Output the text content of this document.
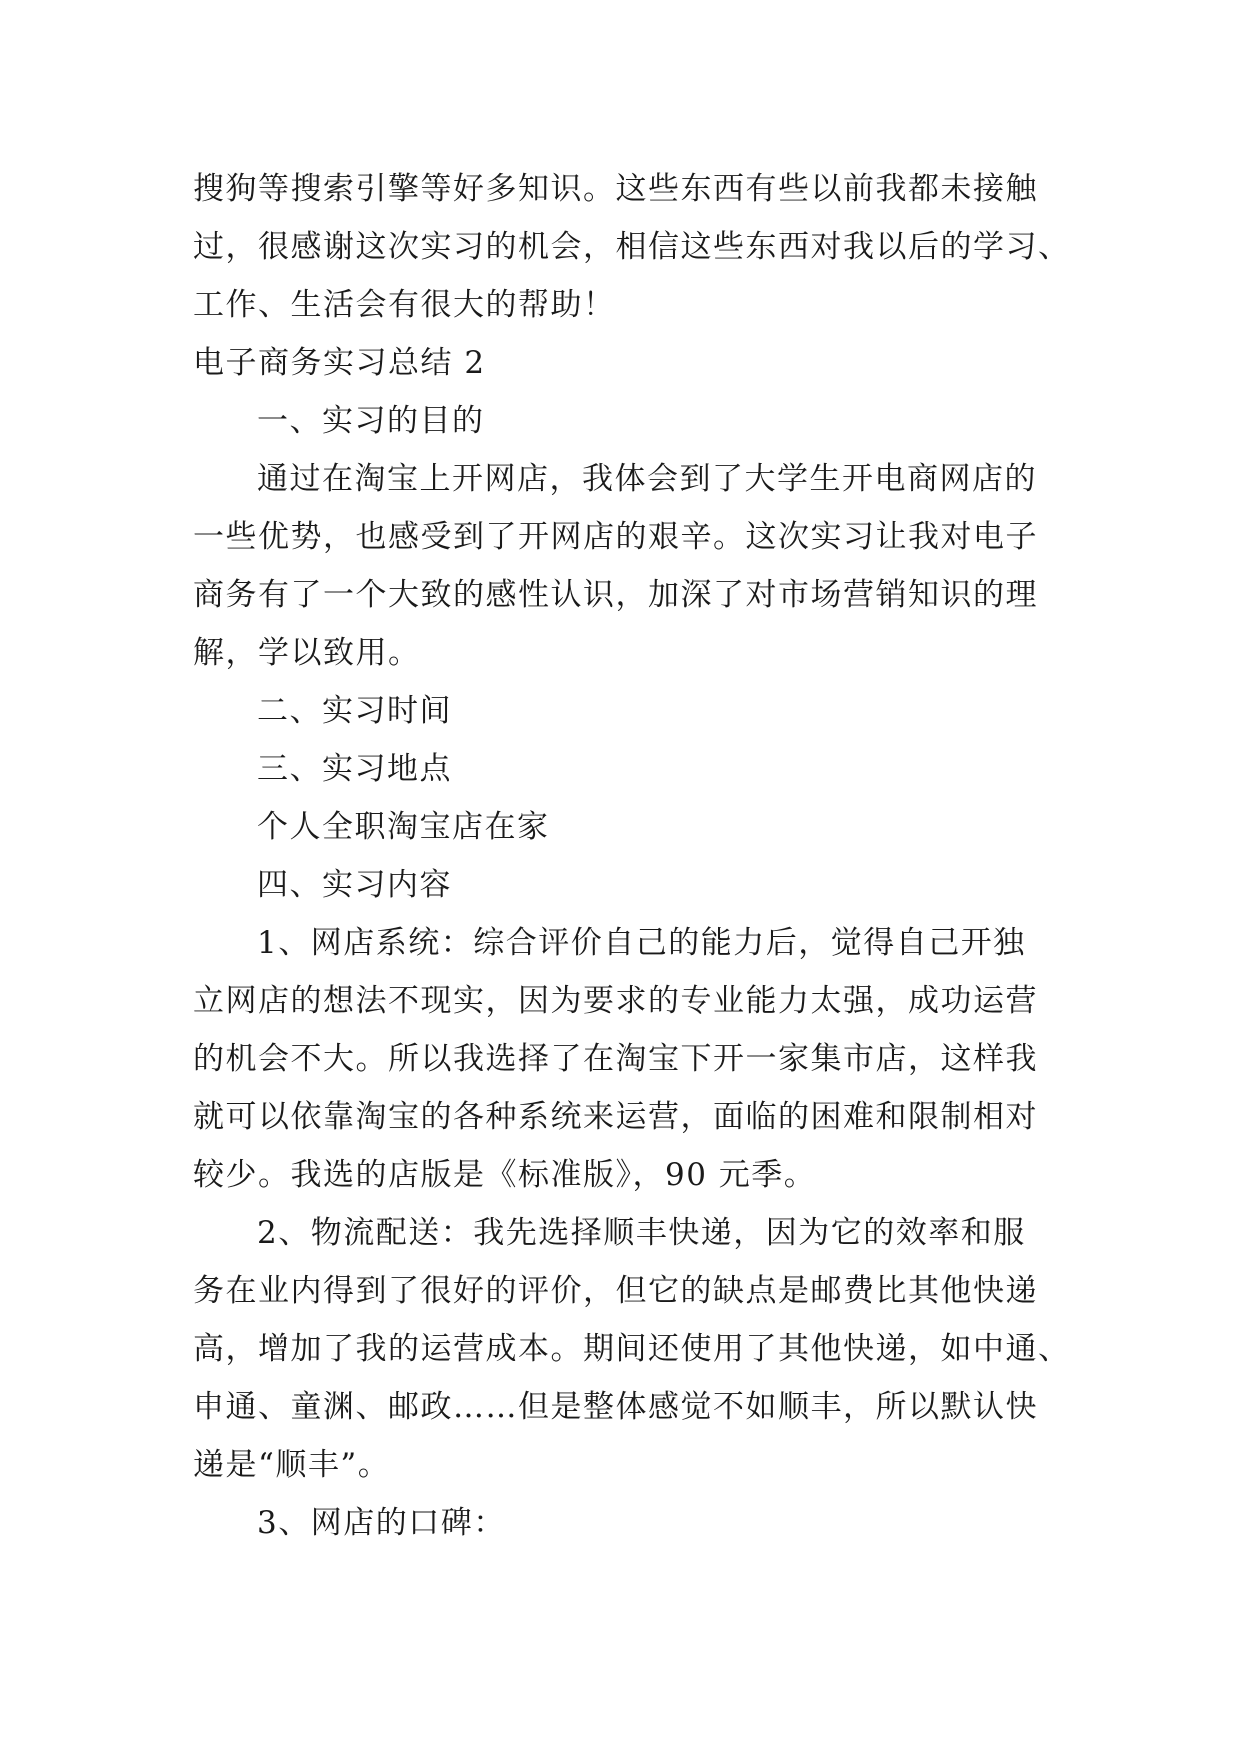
搜狗等搜索引擎等好多知识。这些东西有些以前我都未接触
过，很感谢这次实习的机会，相信这些东西对我以后的学习、
工作、生活会有很大的帮助！
电子商务实习总结 2
一、实习的目的
通过在淘宝上开网店，我体会到了大学生开电商网店的
一些优势，也感受到了开网店的艰辛。这次实习让我对电子
商务有了一个大致的感性认识，加深了对市场营销知识的理
解，学以致用。
二、实习时间
三、实习地点
个人全职淘宝店在家
四、实习内容
1、网店系统：综合评价自己的能力后，觉得自己开独
立网店的想法不现实，因为要求的专业能力太强，成功运营
的机会不大。所以我选择了在淘宝下开一家集市店，这样我
就可以依靠淘宝的各种系统来运营，面临的困难和限制相对
较少。我选的店版是《标准版》，90 元季。
2、物流配送：我先选择顺丰快递，因为它的效率和服
务在业内得到了很好的评价，但它的缺点是邮费比其他快递
高，增加了我的运营成本。期间还使用了其他快递，如中通、
申通、童渊、邮政……但是整体感觉不如顺丰，所以默认快
递是“顺丰”。
3、网店的口碑：
